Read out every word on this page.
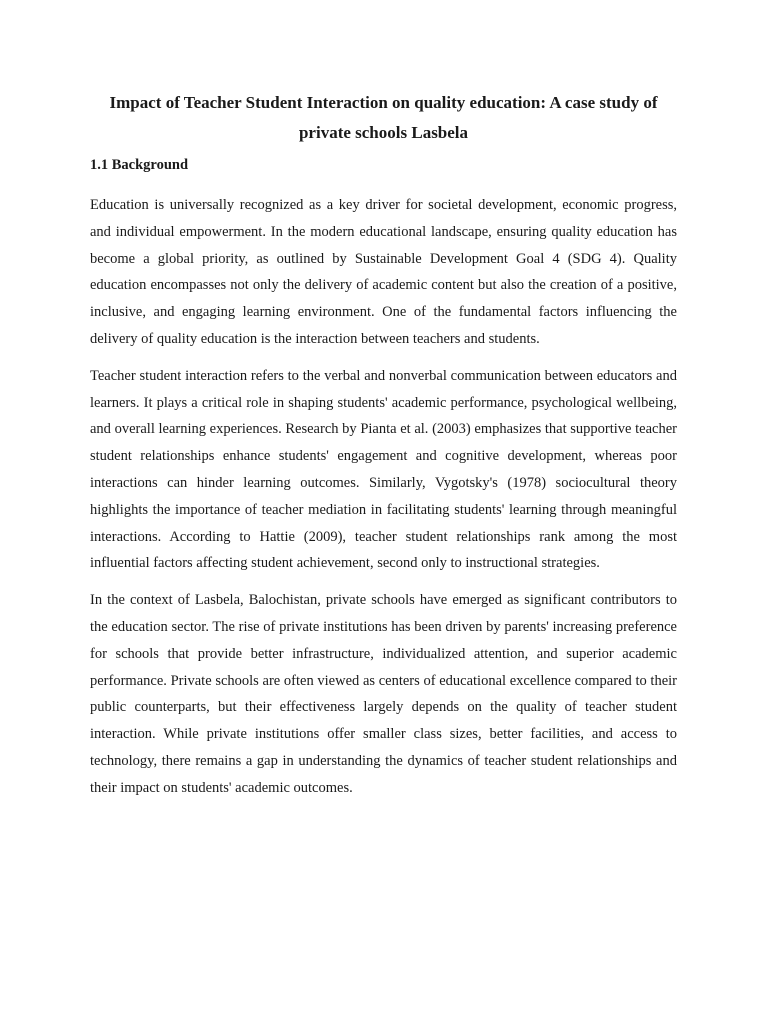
Impact of Teacher Student Interaction on quality education: A case study of private schools Lasbela
1.1 Background

Education is universally recognized as a key driver for societal development, economic progress, and individual empowerment. In the modern educational landscape, ensuring quality education has become a global priority, as outlined by Sustainable Development Goal 4 (SDG 4). Quality education encompasses not only the delivery of academic content but also the creation of a positive, inclusive, and engaging learning environment. One of the fundamental factors influencing the delivery of quality education is the interaction between teachers and students.

Teacher student interaction refers to the verbal and nonverbal communication between educators and learners. It plays a critical role in shaping students' academic performance, psychological wellbeing, and overall learning experiences. Research by Pianta et al. (2003) emphasizes that supportive teacher student relationships enhance students' engagement and cognitive development, whereas poor interactions can hinder learning outcomes. Similarly, Vygotsky's (1978) sociocultural theory highlights the importance of teacher mediation in facilitating students' learning through meaningful interactions. According to Hattie (2009), teacher student relationships rank among the most influential factors affecting student achievement, second only to instructional strategies.

In the context of Lasbela, Balochistan, private schools have emerged as significant contributors to the education sector. The rise of private institutions has been driven by parents' increasing preference for schools that provide better infrastructure, individualized attention, and superior academic performance. Private schools are often viewed as centers of educational excellence compared to their public counterparts, but their effectiveness largely depends on the quality of teacher student interaction. While private institutions offer smaller class sizes, better facilities, and access to technology, there remains a gap in understanding the dynamics of teacher student relationships and their impact on students' academic outcomes.
